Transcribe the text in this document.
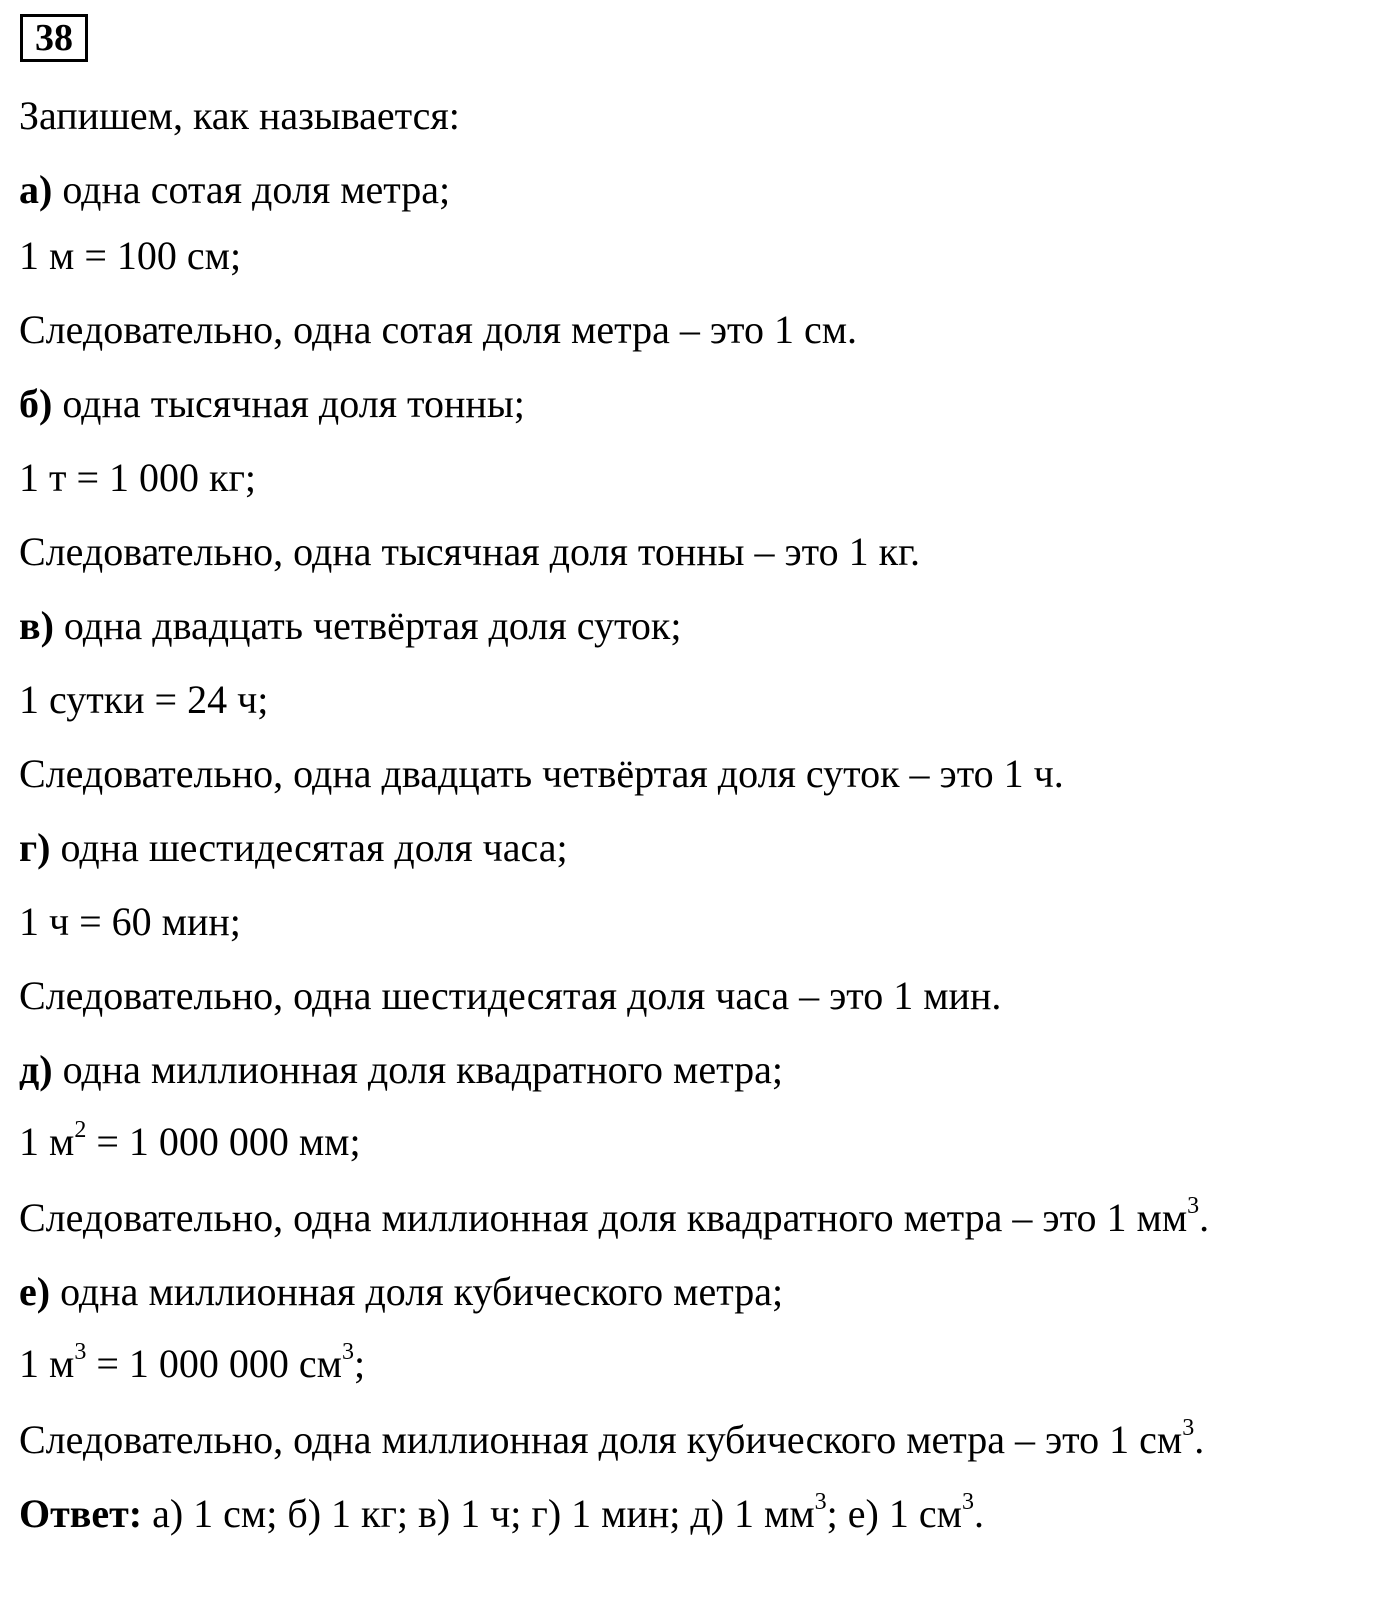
38
Запишем, как называется:
а) одна сотая доля метра;
1 м = 100 см;
Следовательно, одна сотая доля метра – это 1 см.
б) одна тысячная доля тонны;
1 т = 1 000 кг;
Следовательно, одна тысячная доля тонны – это 1 кг.
в) одна двадцать четвёртая доля суток;
1 сутки = 24 ч;
Следовательно, одна двадцать четвёртая доля суток – это 1 ч.
г) одна шестидесятая доля часа;
1 ч = 60 мин;
Следовательно, одна шестидесятая доля часа – это 1 мин.
д) одна миллионная доля квадратного метра;
1 $м^2 = 1$ 000 000 мм;
Следовательно, одна миллионная доля квадратного метра – это 1 $мм^3$.
е) одна миллионная доля кубического метра;
1 $м^3 = 1$ 000 000 $см^3$;
Следовательно, одна миллионная доля кубического метра – это 1 $см^3$.
Ответ: а) 1 см; б) 1 кг; в) 1 ч; г) 1 мин; д) 1 $мм^3$; е) 1 $см^3$.
